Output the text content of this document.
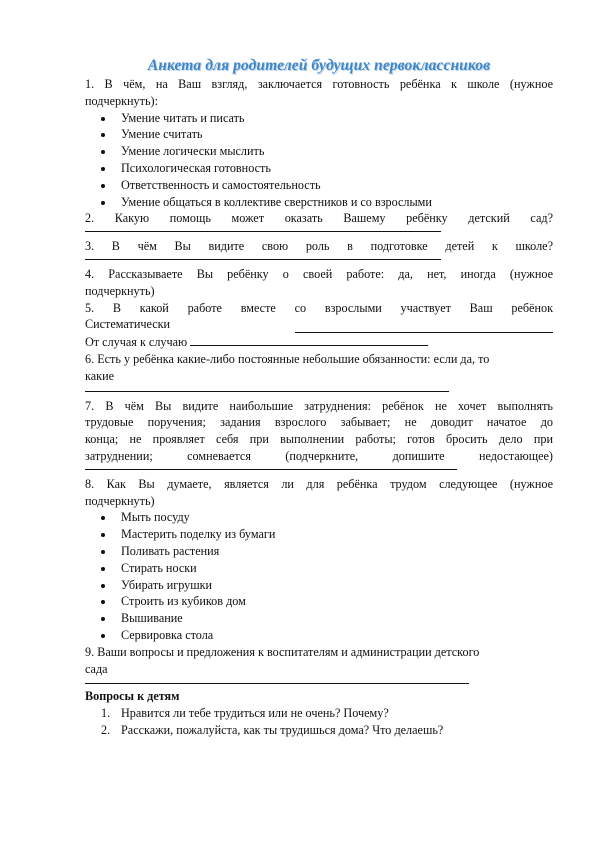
Анкета для родителей будущих первоклассников
1. В чём, на Ваш взгляд, заключается готовность ребёнка к школе (нужное
подчеркнуть):
Умение читать и писать
Умение считать
Умение логически мыслить
Психологическая готовность
Ответственность и самостоятельность
Умение общаться в коллективе сверстников и со взрослыми
2. Какую помощь может оказать Вашему ребёнку детский сад?
3. В чём Вы видите свою роль в подготовке детей к школе?
4. Рассказываете Вы ребёнку о своей работе: да, нет, иногда (нужное
подчеркнуть)
5. В какой работе вместе со взрослыми участвует Ваш ребёнок
Систематически
От случая к случаю
6. Есть у ребёнка какие-либо постоянные небольшие обязанности: если да, то
какие
7. В чём Вы видите наибольшие затруднения: ребёнок не хочет выполнять
трудовые поручения; задания взрослого забывает; не доводит начатое до
конца; не проявляет себя при выполнении работы; готов бросить дело при
затруднении; сомневается (подчеркните, допишите недостающее)
8. Как Вы думаете, является ли для ребёнка трудом следующее (нужное
подчеркнуть)
Мыть посуду
Мастерить поделку из бумаги
Поливать растения
Стирать носки
Убирать игрушки
Строить из кубиков дом
Вышивание
Сервировка стола
9. Ваши вопросы и предложения к воспитателям и администрации детского
сада
Вопросы к детям
1. Нравится ли тебе трудиться или не очень? Почему?
2. Расскажи, пожалуйста, как ты трудишься дома? Что делаешь?
